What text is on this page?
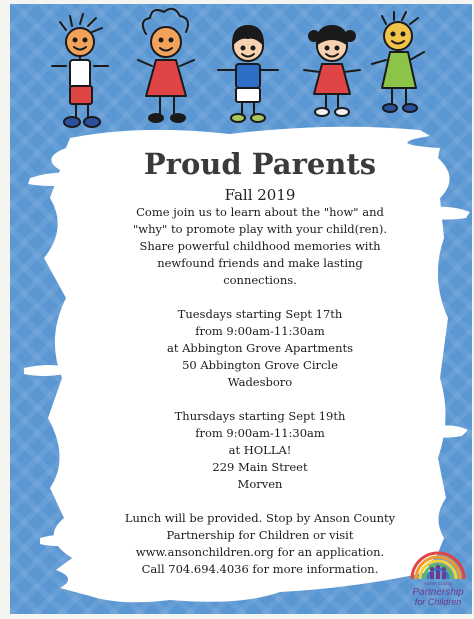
Proud Parents

Fall 2019

Come join us to learn about the "how" and

"why" to promote play with your child(ren).

Share powerful childhood memories with

newfound friends and make lasting

connections.

Tuesdays starting Sept 17th

from 9:00am-11:30am

at Abbington Grove Apartments

50 Abbington Grove Circle

Wadesboro

Thursdays starting Sept 19th

from 9:00am-11:30am

at HOLLA!

229 Main Street

Morven

Lunch will be provided. Stop by Anson County

Partnership for Children or visit

www.ansonchildren.org for an application.

Call 704.694.4036 for more information.

Anson County
Partnership
for Children
